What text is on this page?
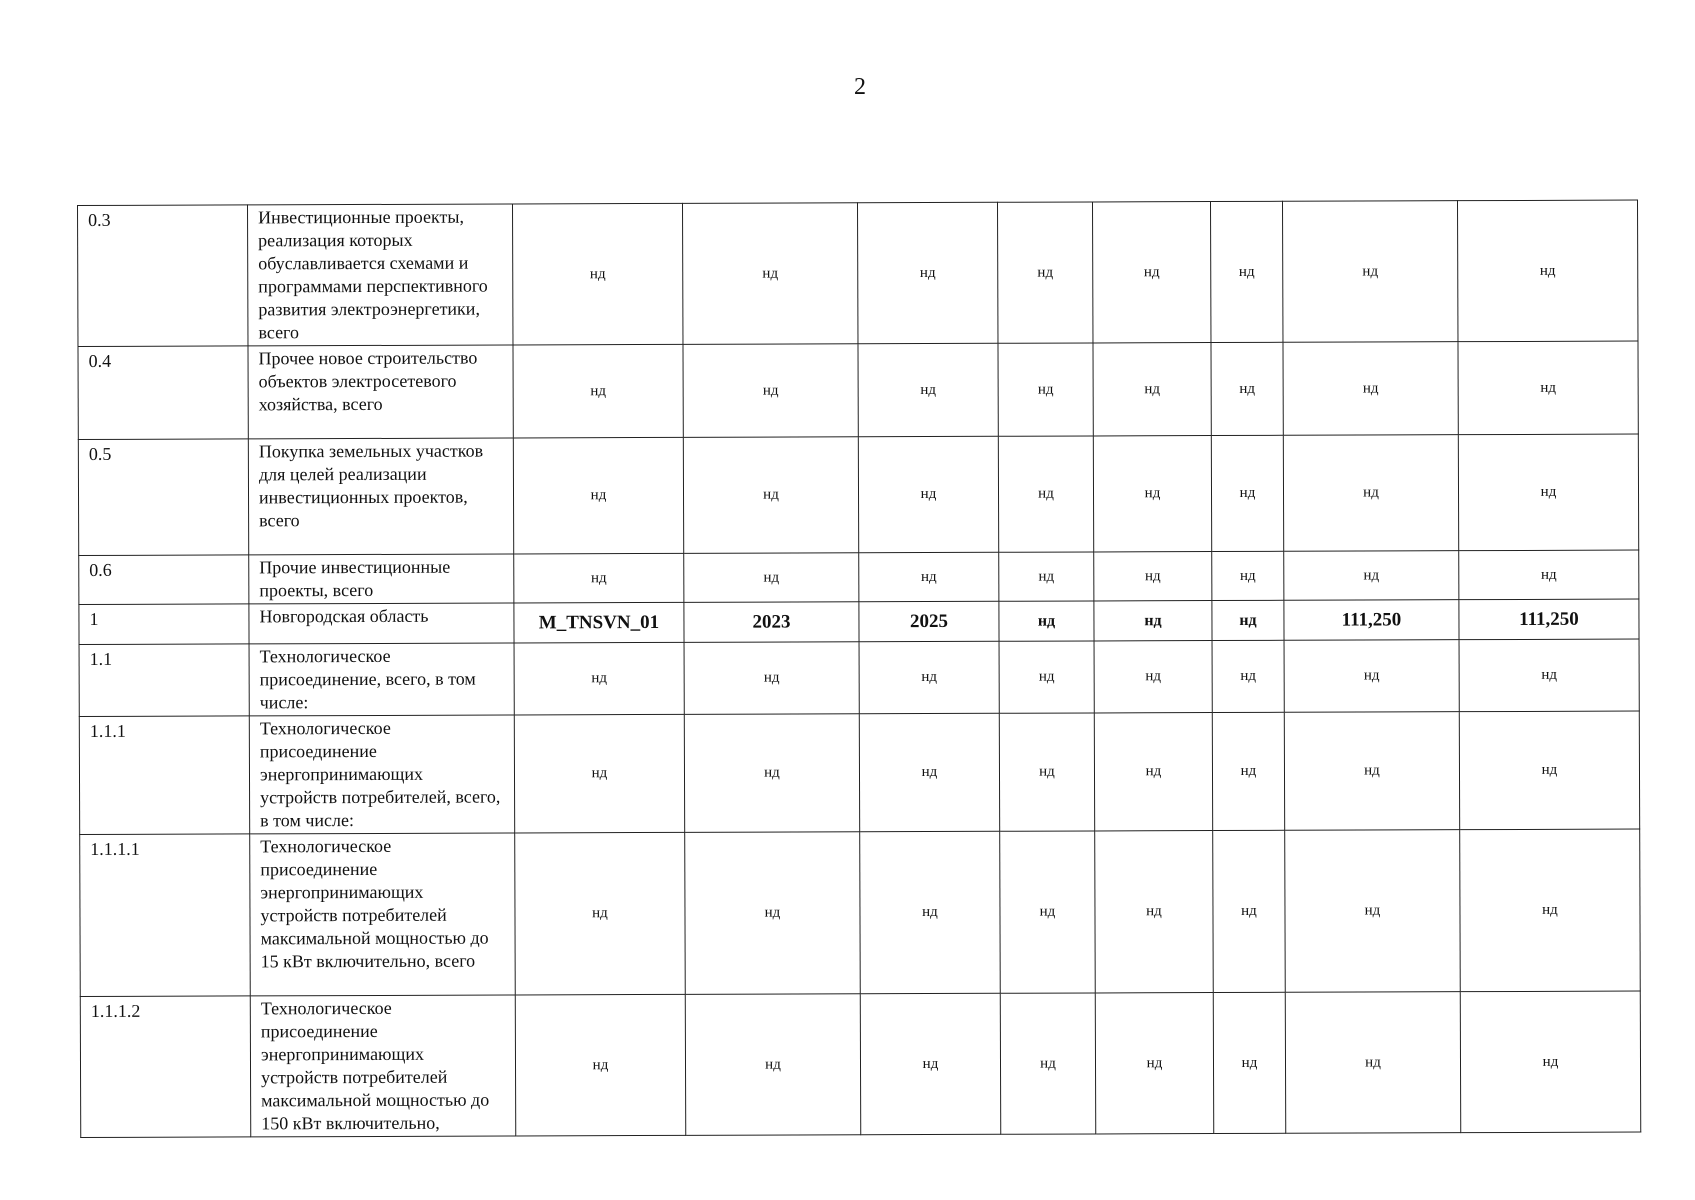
2
0.3	Инвестиционные проекты, реализация которых обуславливается схемами и программами перспективного развития электроэнергетики, всего	нд	нд	нд	нд	нд	нд	нд	нд
0.4	Прочее новое строительство объектов электросетевого хозяйства, всего	нд	нд	нд	нд	нд	нд	нд	нд
0.5	Покупка земельных участков для целей реализации инвестиционных проектов, всего	нд	нд	нд	нд	нд	нд	нд	нд
0.6	Прочие инвестиционные проекты, всего	нд	нд	нд	нд	нд	нд	нд	нд
1	Новгородская область	M_TNSVN_01	2023	2025	нд	нд	нд	111,250	111,250
1.1	Технологическое присоединение, всего, в том числе:	нд	нд	нд	нд	нд	нд	нд	нд
1.1.1	Технологическое присоединение энергопринимающих устройств потребителей, всего, в том числе:	нд	нд	нд	нд	нд	нд	нд	нд
1.1.1.1	Технологическое присоединение энергопринимающих устройств потребителей максимальной мощностью до 15 кВт включительно, всего	нд	нд	нд	нд	нд	нд	нд	нд
1.1.1.2	Технологическое присоединение энергопринимающих устройств потребителей максимальной мощностью до 150 кВт включительно,	нд	нд	нд	нд	нд	нд	нд	нд
